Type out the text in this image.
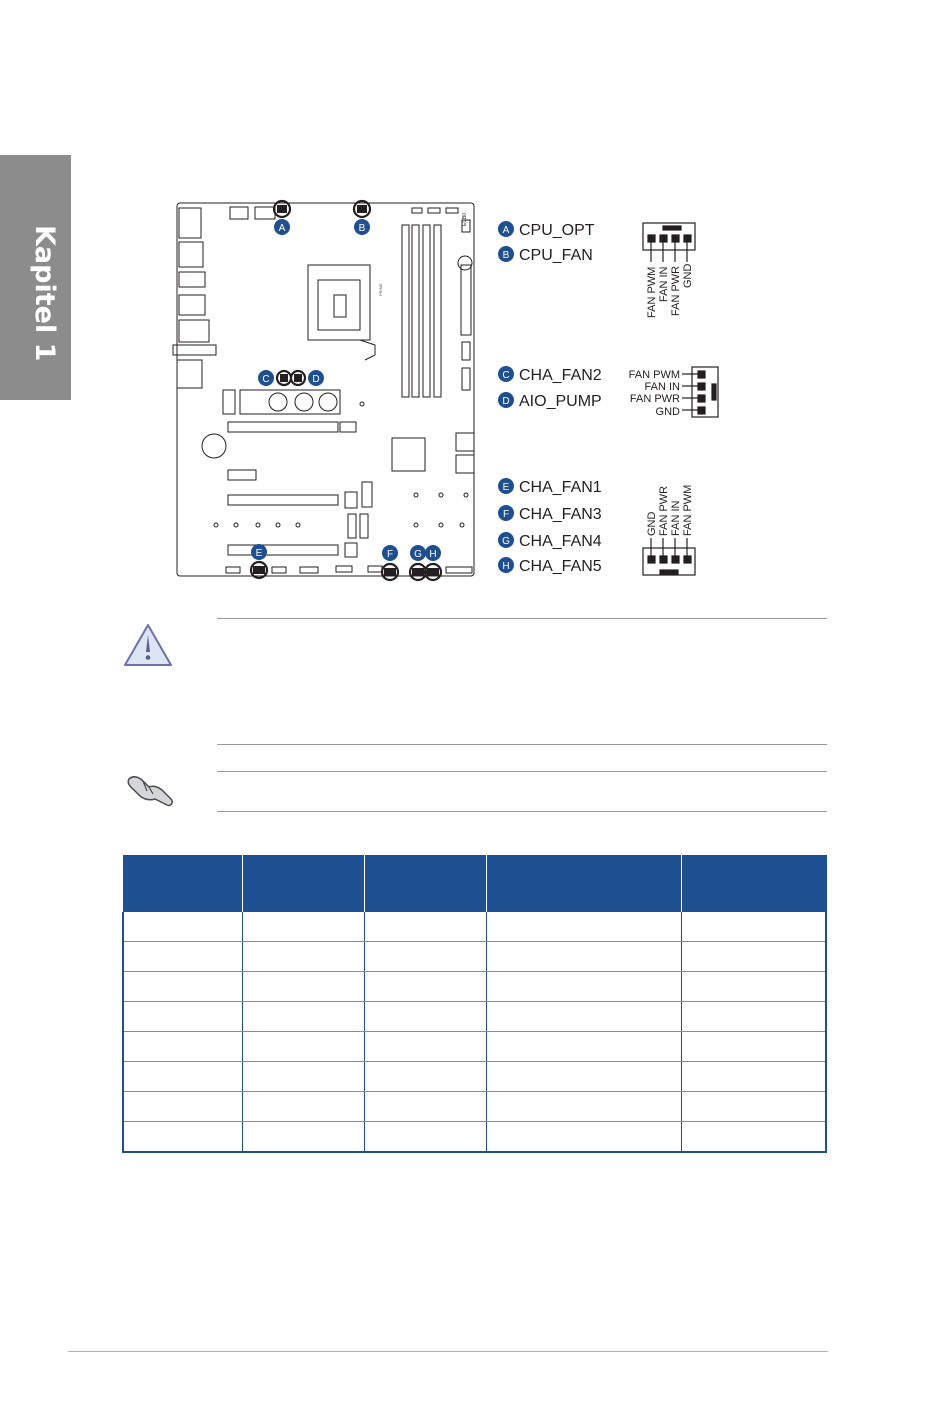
Kapitel 1	PRIME
ECB0
A	B
C	D
E	F G H
A CPU_OPT
B CPU_FAN
C CHA_FAN2
D AIO_PUMP
E CHA_FAN1
F CHA_FAN3
G CHA_FAN4
H CHA_FAN5
FAN PWM FAN IN FAN PWR GND
FAN PWM
FAN IN
FAN PWR
GND
GND FAN PWR FAN IN FAN PWM
